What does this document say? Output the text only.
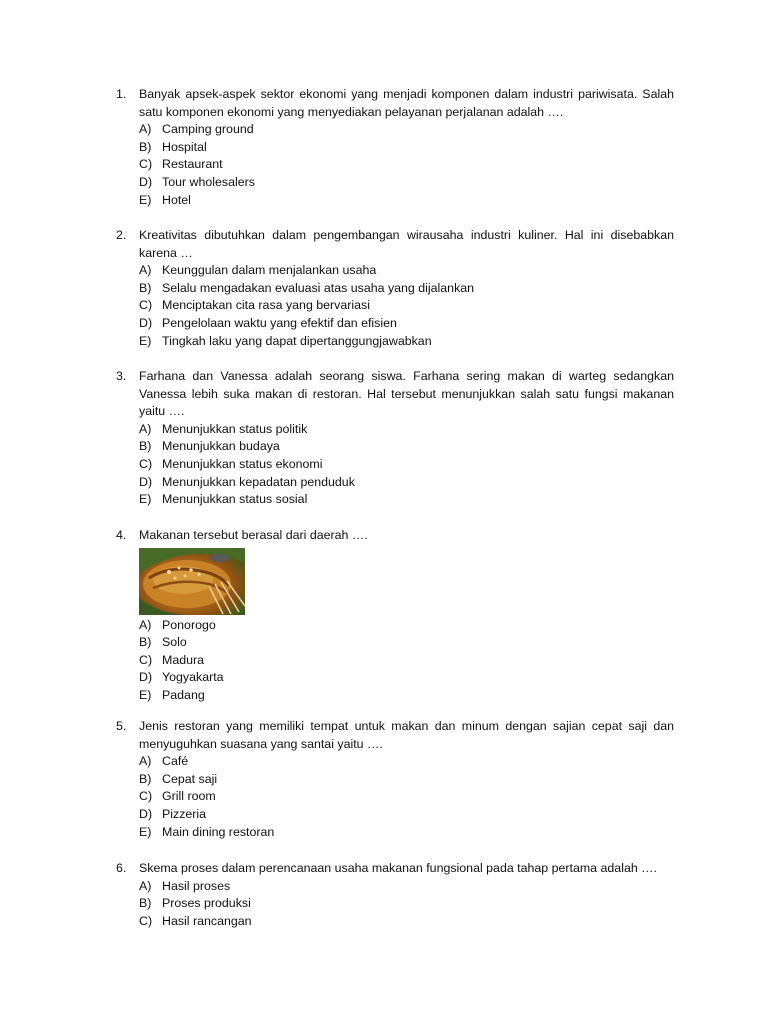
1.	Banyak apsek-aspek sektor ekonomi yang menjadi komponen dalam industri pariwisata. Salah satu komponen ekonomi yang menyediakan pelayanan perjalanan adalah ….
A) Camping ground
B) Hospital
C) Restaurant
D) Tour wholesalers
E) Hotel
2.	Kreativitas dibutuhkan dalam pengembangan wirausaha industri kuliner. Hal ini disebabkan karena …
A) Keunggulan dalam menjalankan usaha
B) Selalu mengadakan evaluasi atas usaha yang dijalankan
C) Menciptakan cita rasa yang bervariasi
D) Pengelolaan waktu yang efektif dan efisien
E) Tingkah laku yang dapat dipertanggungjawabkan
3.	Farhana dan Vanessa adalah seorang siswa. Farhana sering makan di warteg sedangkan Vanessa lebih suka makan di restoran. Hal tersebut menunjukkan salah satu fungsi makanan yaitu ….
A) Menunjukkan status politik
B) Menunjukkan budaya
C) Menunjukkan status ekonomi
D) Menunjukkan kepadatan penduduk
E) Menunjukkan status sosial
4.	Makanan tersebut berasal dari daerah ….
A) Ponorogo
B) Solo
C) Madura
D) Yogyakarta
E) Padang
5.	Jenis restoran yang memiliki tempat untuk makan dan minum dengan sajian cepat saji dan menyuguhkan suasana yang santai yaitu ….
A) Café
B) Cepat saji
C) Grill room
D) Pizzeria
E) Main dining restoran
6.	Skema proses dalam perencanaan usaha makanan fungsional pada tahap pertama adalah ….
A) Hasil proses
B) Proses produksi
C) Hasil rancangan
